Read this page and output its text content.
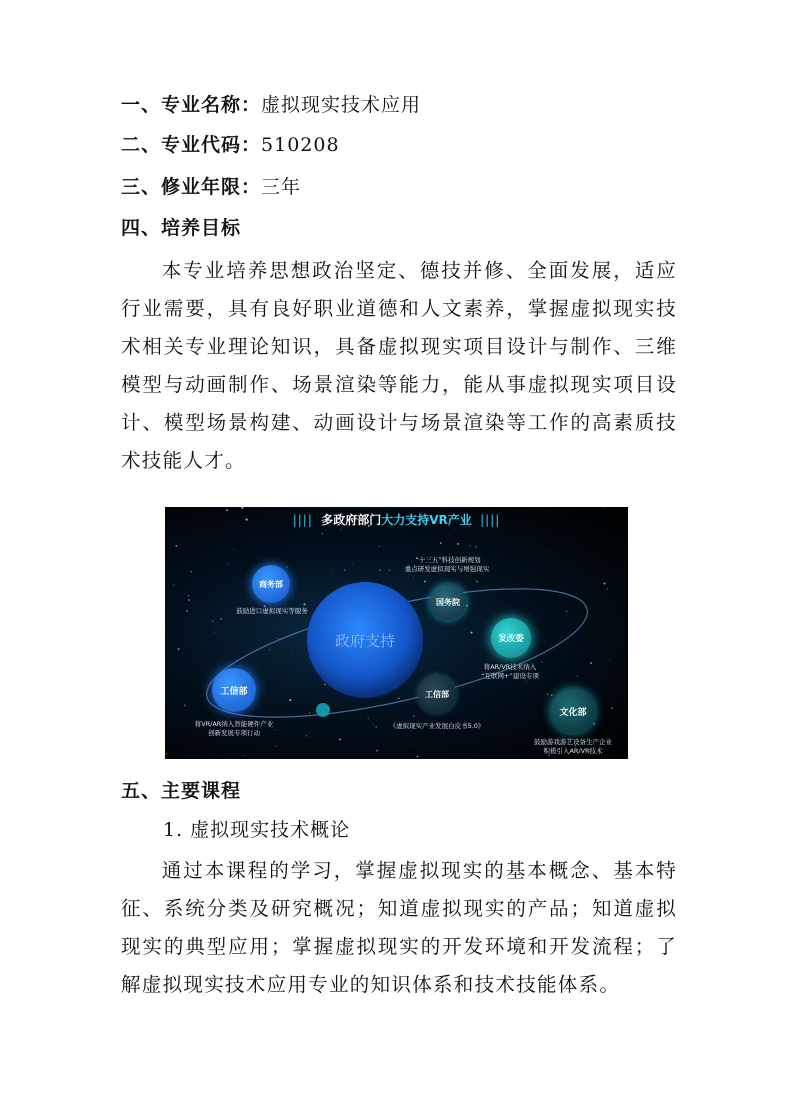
一、专业名称：虚拟现实技术应用
二、专业代码：510208
三、修业年限：三年
四、培养目标
本专业培养思想政治坚定、德技并修、全面发展，适应行业需要，具有良好职业道德和人文素养，掌握虚拟现实技术相关专业理论知识，具备虚拟现实项目设计与制作、三维模型与动画制作、场景渲染等能力，能从事虚拟现实项目设计、模型场景构建、动画设计与场景渲染等工作的高素质技术技能人才。
|||| 多政府部门大力支持VR产业 ||||
政府支持
商务部
鼓励进口虚拟现实等服务
“十三五”科技创新规划
重点研发虚拟现实与增强现实
国务院
发改委
将AR/VR技术纳入
“互联网+”建设专项
工信部
将VR/AR纳入智能硬件产业
创新发展专项行动
工信部
《虚拟现实产业发展白皮书5.0》
文化部
鼓励游戏游艺设备生产企业
积极引入AR/VR技术
五、主要课程
1. 虚拟现实技术概论
通过本课程的学习，掌握虚拟现实的基本概念、基本特征、系统分类及研究概况；知道虚拟现实的产品；知道虚拟现实的典型应用；掌握虚拟现实的开发环境和开发流程；了解虚拟现实技术应用专业的知识体系和技术技能体系。
